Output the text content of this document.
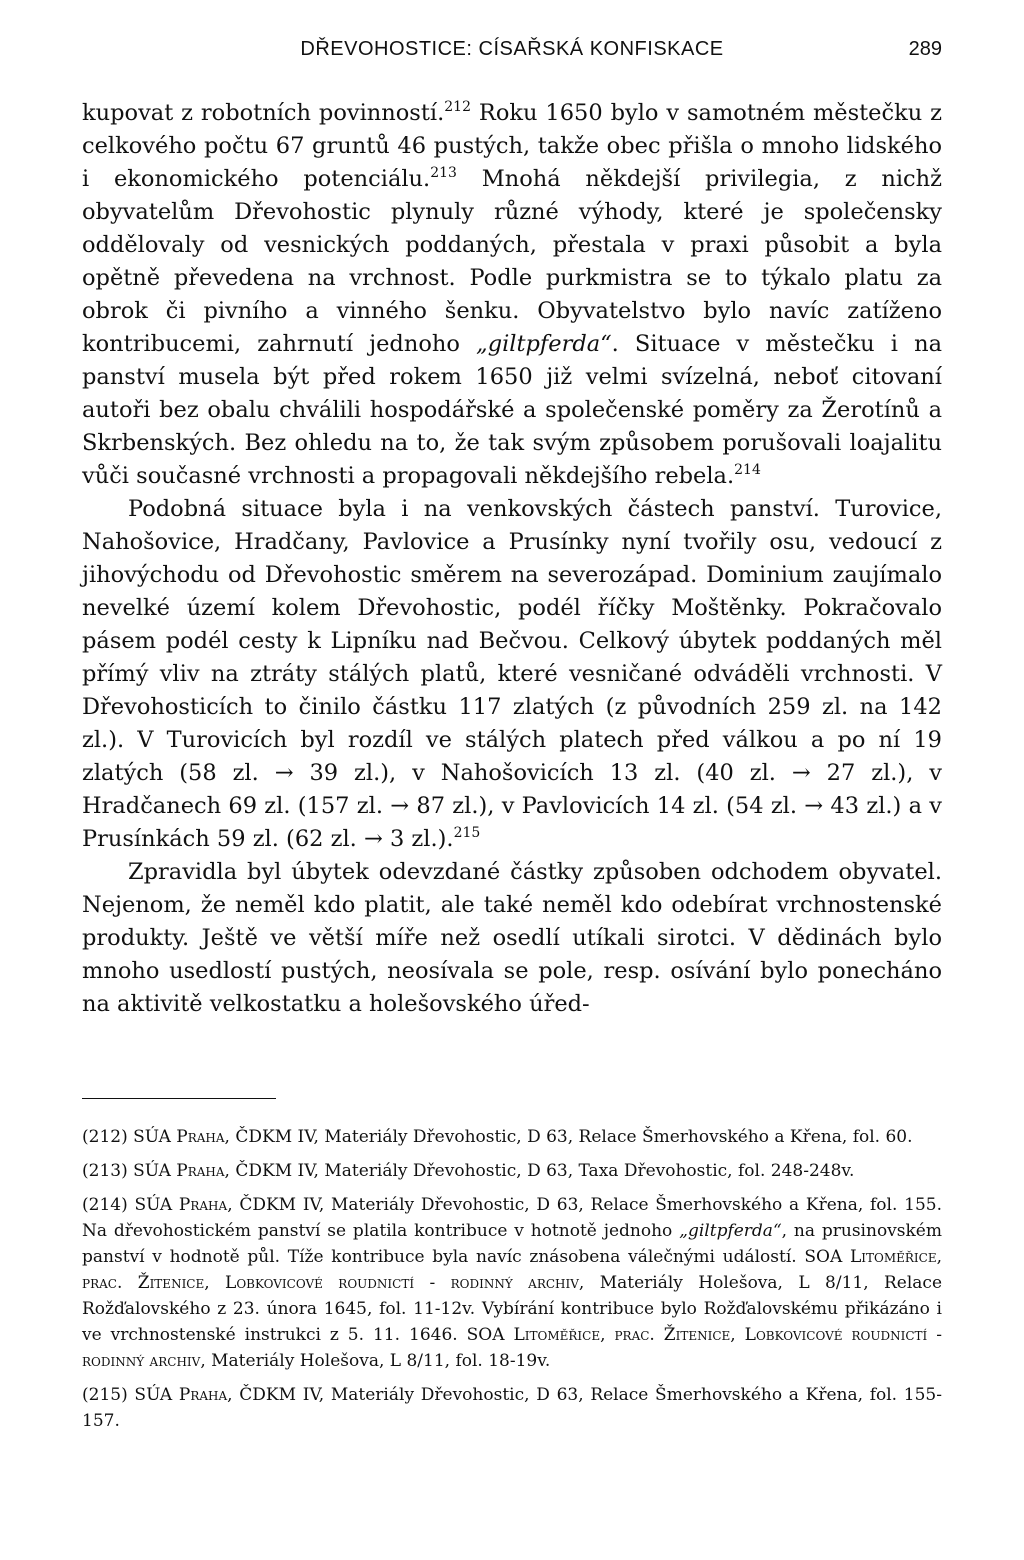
DŘEVOHOSTICE: CÍSAŘSKÁ KONFISKACE	289

kupovat z robotních povinností.$^{212}$ Roku 1650 bylo v samotném městečku z celkového počtu 67 gruntů 46 pustých, takže obec přišla o mnoho lidského i ekonomického potenciálu.$^{213}$ Mnohá někdejší privilegia, z nichž obyvatelům Dřevohostic plynuly různé výhody, které je společensky oddělovaly od vesnických poddaných, přestala v praxi působit a byla opětně převedena na vrchnost. Podle purkmistra se to týkalo platu za obrok či pivního a vinného šenku. Obyvatelstvo bylo navíc zatíženo kontribucemi, zahrnutí jednoho „giltpferda“. Situace v městečku i na panství musela být před rokem 1650 již velmi svízelná, neboť citovaní autoři bez obalu chválili hospodářské a společenské poměry za Žerotínů a Skrbenských. Bez ohledu na to, že tak svým způsobem porušovali loajalitu vůči současné vrchnosti a propagovali někdejšího rebela.$^{214}$

Podobná situace byla i na venkovských částech panství. Turovice, Nahošovice, Hradčany, Pavlovice a Prusínky nyní tvořily osu, vedoucí z jihovýchodu od Dřevohostic směrem na severozápad. Dominium zaujímalo nevelké území kolem Dřevohostic, podél říčky Moštěnky. Pokračovalo pásem podél cesty k Lipníku nad Bečvou. Celkový úbytek poddaných měl přímý vliv na ztráty stálých platů, které vesničané odváděli vrchnosti. V Dřevohosticích to činilo částku 117 zlatých (z původních 259 zl. na 142 zl.). V Turovicích byl rozdíl ve stálých platech před válkou a po ní 19 zlatých (58 zl. → 39 zl.), v Nahošovicích 13 zl. (40 zl. → 27 zl.), v Hradčanech 69 zl. (157 zl. → 87 zl.), v Pavlovicích 14 zl. (54 zl. → 43 zl.) a v Prusínkách 59 zl. (62 zl. → 3 zl.).$^{215}$

Zpravidla byl úbytek odevzdané částky způsoben odchodem obyvatel. Nejenom, že neměl kdo platit, ale také neměl kdo odebírat vrchnostenské produkty. Ještě ve větší míře než osedlí utíkali sirotci. V dědinách bylo mnoho usedlostí pustých, neosívala se pole, resp. osívání bylo ponecháno na aktivitě velkostatku a holešovského úřed-

(212) SÚA Praha, ČDKM IV, Materiály Dřevohostic, D 63, Relace Šmerhovského a Křena, fol. 60.

(213) SÚA Praha, ČDKM IV, Materiály Dřevohostic, D 63, Taxa Dřevohostic, fol. 248-248v.

(214) SÚA Praha, ČDKM IV, Materiály Dřevohostic, D 63, Relace Šmerhovského a Křena, fol. 155. Na dřevohostickém panství se platila kontribuce v hotnotě jednoho „giltpferda“, na prusinovském panství v hodnotě půl. Tíže kontribuce byla navíc znásobena válečnými událostí. SOA Litoměřice, prac. Žitenice, Lobkovicové roudnictí - rodinný archiv, Materiály Holešova, L 8/11, Relace Rožďalovského z 23. února 1645, fol. 11-12v. Vybírání kontribuce bylo Rožďalovskému přikázáno i ve vrchnostenské instrukci z 5. 11. 1646. SOA Litoměřice, prac. Žitenice, Lobkovicové roudnictí - rodinný archiv, Materiály Holešova, L 8/11, fol. 18-19v.

(215) SÚA Praha, ČDKM IV, Materiály Dřevohostic, D 63, Relace Šmerhovského a Křena, fol. 155-157.
